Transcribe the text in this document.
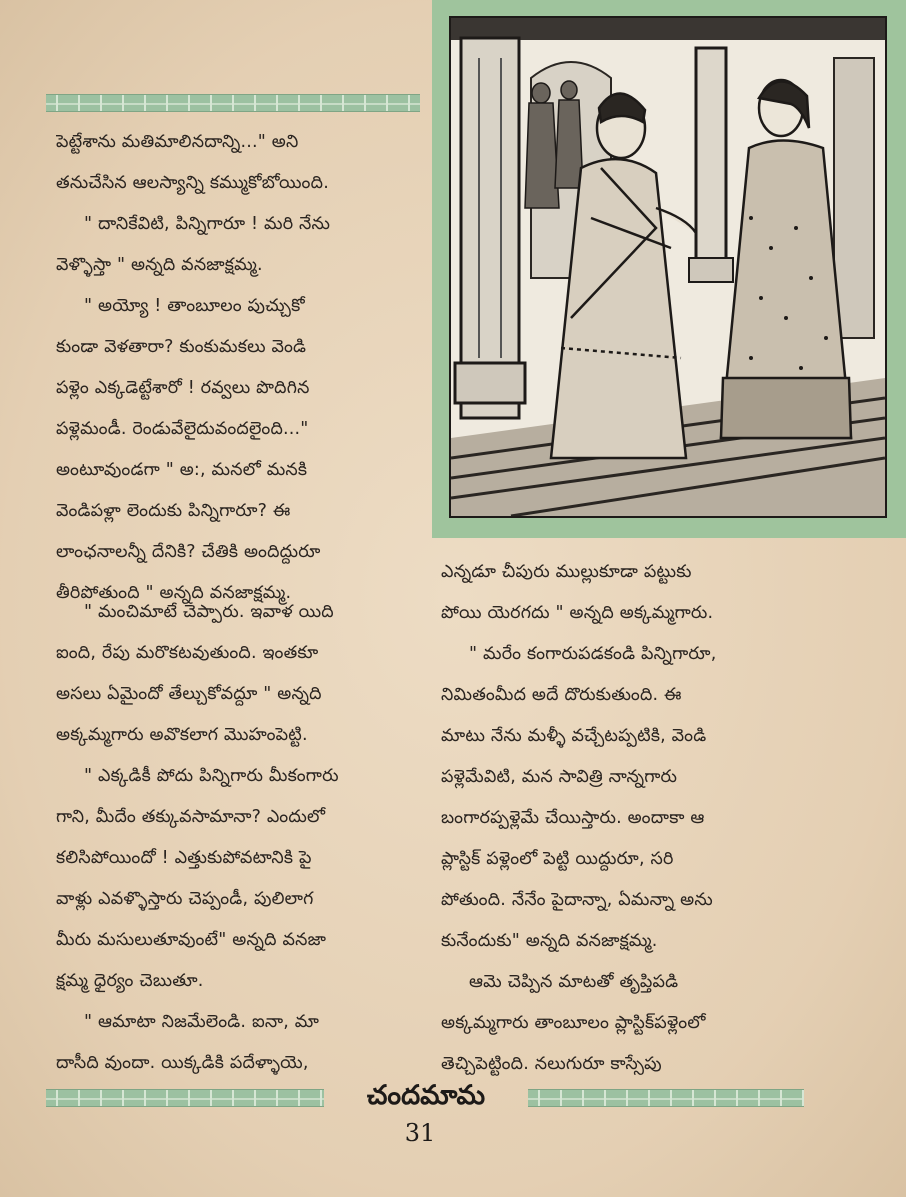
పెట్టేశాను మతిమాలినదాన్ని..." అని

తనుచేసిన ఆలస్యాన్ని కమ్ముకోబోయింది.

" దానికేవిటి, పిన్నిగారూ ! మరి నేను

వెళ్ళొస్తా " అన్నది వనజాక్షమ్మ.

" అయ్యో ! తాంబూలం పుచ్చుకో

కుండా వెళతారా? కుంకుమకలు వెండి

పళ్లెం ఎక్కడెట్టేశారో ! రవ్వలు పొదిగిన

పళ్లెమండీ. రెండువేలైదువందలైంది..."

అంటూవుండగా " అ:, మనలో మనకి

వెండిపళ్లా లెందుకు పిన్నిగారూ? ఈ

లాంఛనాలన్నీ దేనికి? చేతికి అందిద్దురూ

తీరిపోతుంది " అన్నది వనజాక్షమ్మ.

" మంచిమాటే చెప్పారు. ఇవాళ యిది

ఐంది, రేపు మరొకటవుతుంది. ఇంతకూ

అసలు ఏమైందో తేల్చుకోవద్దూ " అన్నది

అక్కమ్మగారు అవొకలాగ మొహంపెట్టి.

" ఎక్కడికీ పోదు పిన్నిగారు మీకంగారు

గాని, మీదేం తక్కువసామానా? ఎందులో

కలిసిపోయిందో ! ఎత్తుకుపోవటానికి పై

వాళ్లు ఎవళ్ళొస్తారు చెప్పండీ, పులిలాగ

మీరు మసులుతూవుంటే" అన్నది వనజా

క్షమ్మ ధైర్యం చెబుతూ.

" ఆమాటా నిజమేలెండి. ఐనా, మా

దాసీది వుందా. యిక్కడికి పదేళ్ళాయె,

ఎన్నడూ చీపురు ముల్లుకూడా పట్టుకు

పోయి యెరగదు " అన్నది అక్కమ్మగారు.

" మరేం కంగారుపడకండి పిన్నిగారూ,

నిమితంమీద అదే దొరుకుతుంది. ఈ

మాటు నేను మళ్ళీ వచ్చేటప్పటికి, వెండి

పళ్లెమేవిటి, మన సావిత్రి నాన్నగారు

బంగారప్పళ్లెమే చేయిస్తారు. అందాకా ఆ

ప్లాస్టిక్ పళ్లెంలో పెట్టి యిద్దురూ, సరి

పోతుంది. నేనేం పైదాన్నా, ఏమన్నా అను

కునేందుకు" అన్నది వనజాక్షమ్మ.

ఆమె చెప్పిన మాటతో తృప్తిపడి

అక్కమ్మగారు తాంబూలం ప్లాస్టిక్‌పళ్లెంలో

తెచ్చిపెట్టింది. నలుగురూ కాస్సేపు

చందమామ
31
